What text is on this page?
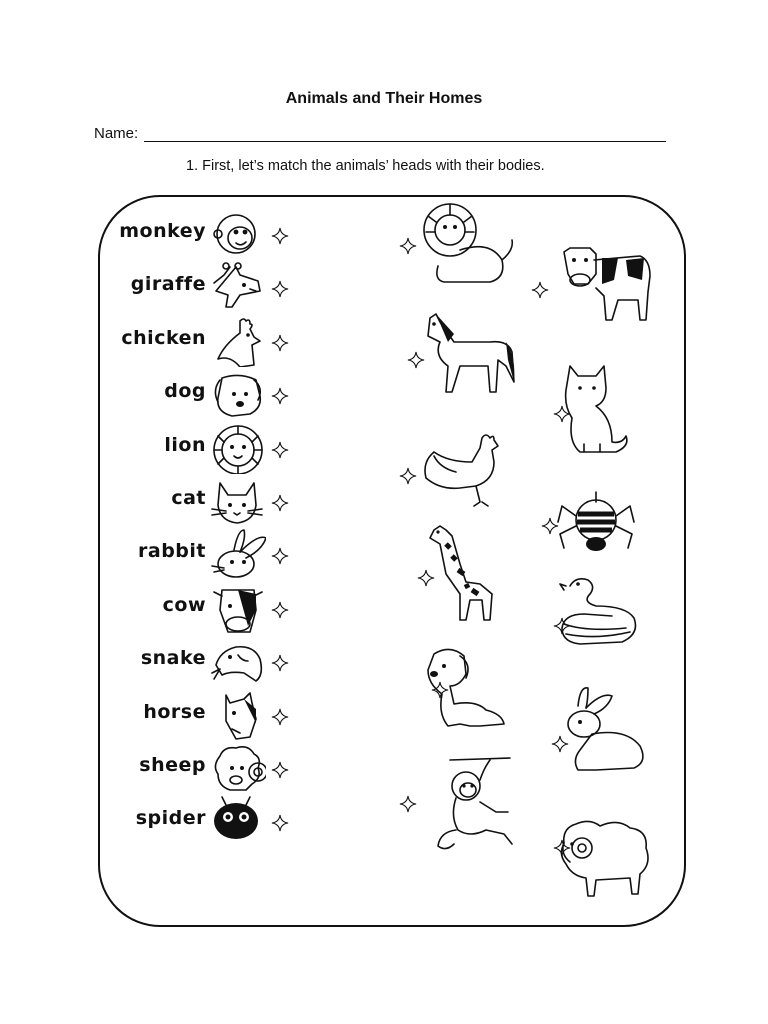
Animals and Their Homes
Name:
1. First, let’s match the animals’ heads with their bodies.
monkey
giraffe
chicken
dog
lion
cat
rabbit
cow
snake
horse
sheep
spider
